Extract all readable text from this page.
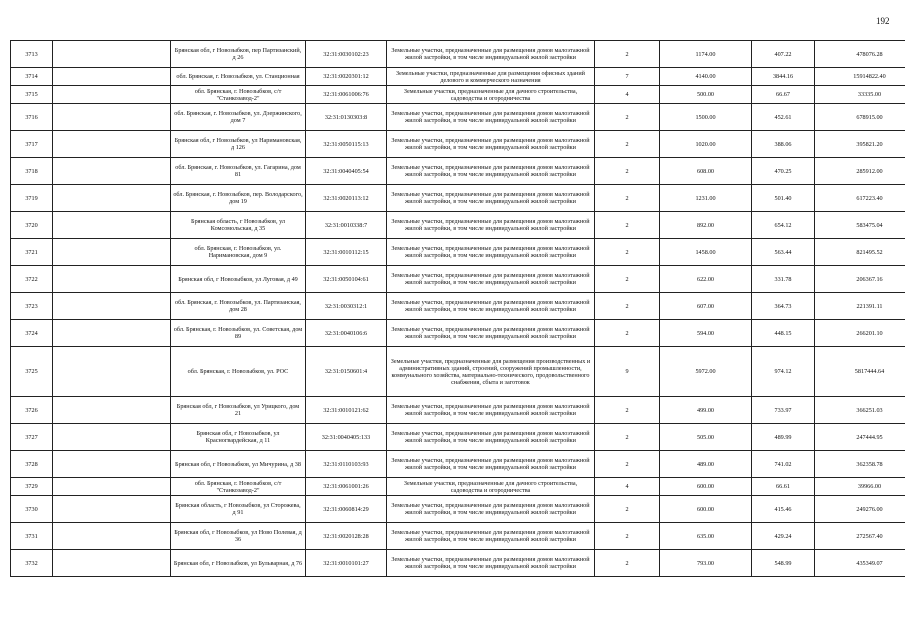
192
3713		Брянская обл, г Новозыбков, пер Партизанский, д 26	32:31:0030102:23	Земельные участки, предназначенные для размещения домов малоэтажной жилой застройки, в том числе индивидуальной жилой застройки	2	1174.00	407.22	478076.28
3714		обл. Брянская, г. Новозыбков, ул. Станционная	32:31:0020301:12	Земельные участки, предназначенные для размещения офисных зданий делового и коммерческого назначения	7	4140.00	3844.16	15914822.40
3715		обл. Брянская, г. Новозыбков, с/т "Станкозавод-2"	32:31:0061006:76	Земельные участки, предназначенные для дачного строительства, садоводства и огородничества	4	500.00	66.67	33335.00
3716		обл. Брянская, г. Новозыбков, ул. Дзержинского, дом 7	32:31:0130303:8	Земельные участки, предназначенные для размещения домов малоэтажной жилой застройки, в том числе индивидуальной жилой застройки	2	1500.00	452.61	678915.00
3717		Брянская обл, г Новозыбков, ул Наримановская, д 126	32:31:0050115:13	Земельные участки, предназначенные для размещения домов малоэтажной жилой застройки, в том числе индивидуальной жилой застройки	2	1020.00	388.06	395821.20
3718		обл. Брянская, г. Новозыбков, ул. Гагарина, дом 81	32:31:0040405:54	Земельные участки, предназначенные для размещения домов малоэтажной жилой застройки, в том числе индивидуальной жилой застройки	2	608.00	470.25	285912.00
3719		обл. Брянская, г. Новозыбков, пер. Володарского, дом 19	32:31:0020113:12	Земельные участки, предназначенные для размещения домов малоэтажной жилой застройки, в том числе индивидуальной жилой застройки	2	1231.00	501.40	617223.40
3720		Брянская область, г Новозыбков, ул Комсомольская, д 35	32:31:0010338:7	Земельные участки, предназначенные для размещения домов малоэтажной жилой застройки, в том числе индивидуальной жилой застройки	2	892.00	654.12	583475.04
3721		обл. Брянская, г. Новозыбков, ул. Наримановская, дом 9	32:31:0010112:15	Земельные участки, предназначенные для размещения домов малоэтажной жилой застройки, в том числе индивидуальной жилой застройки	2	1458.00	563.44	821495.52
3722		Брянская обл, г Новозыбков, ул Луговая, д 49	32:31:0050104:61	Земельные участки, предназначенные для размещения домов малоэтажной жилой застройки, в том числе индивидуальной жилой застройки	2	622.00	331.78	206367.16
3723		обл. Брянская, г. Новозыбков, ул. Партизанская, дом 28	32:31:0030312:1	Земельные участки, предназначенные для размещения домов малоэтажной жилой застройки, в том числе индивидуальной жилой застройки	2	607.00	364.73	221391.11
3724		обл. Брянская, г. Новозыбков, ул. Советская, дом 89	32:31:0040106:6	Земельные участки, предназначенные для размещения домов малоэтажной жилой застройки, в том числе индивидуальной жилой застройки	2	594.00	448.15	266201.10
3725		обл. Брянская, г. Новозыбков, ул. РОС	32:31:0150601:4	Земельные участки, предназначенные для размещения производственных и административных зданий, строений, сооружений промышленности, коммунального хозяйства, материально-технического, продовольственного снабжения, сбыта и заготовок	9	5972.00	974.12	5817444.64
3726		Брянская обл, г Новозыбков, ул Урицкого, дом 21	32:31:0010121:62	Земельные участки, предназначенные для размещения домов малоэтажной жилой застройки, в том числе индивидуальной жилой застройки	2	499.00	733.97	366251.03
3727		Брянская обл, г Новозыбков, ул Красногвардейская, д 11	32:31:0040405:133	Земельные участки, предназначенные для размещения домов малоэтажной жилой застройки, в том числе индивидуальной жилой застройки	2	505.00	489.99	247444.95
3728		Брянская обл, г Новозыбков, ул Мичурина, д 38	32:31:0110103:93	Земельные участки, предназначенные для размещения домов малоэтажной жилой застройки, в том числе индивидуальной жилой застройки	2	489.00	741.02	362358.78
3729		обл. Брянская, г. Новозыбков, с/т "Станкозавод-2"	32:31:0061001:26	Земельные участки, предназначенные для дачного строительства, садоводства и огородничества	4	600.00	66.61	39966.00
3730		Брянская область, г Новозыбков, ул Сторожева, д 91	32:31:0060814:29	Земельные участки, предназначенные для размещения домов малоэтажной жилой застройки, в том числе индивидуальной жилой застройки	2	600.00	415.46	249276.00
3731		Брянская обл, г Новозыбков, ул Ново Полевая, д 36	32:31:0020128:28	Земельные участки, предназначенные для размещения домов малоэтажной жилой застройки, в том числе индивидуальной жилой застройки	2	635.00	429.24	272567.40
3732		Брянская обл, г Новозыбков, ул Бульварная, д 76	32:31:0010101:27	Земельные участки, предназначенные для размещения домов малоэтажной жилой застройки, в том числе индивидуальной жилой застройки	2	793.00	548.99	435349.07
